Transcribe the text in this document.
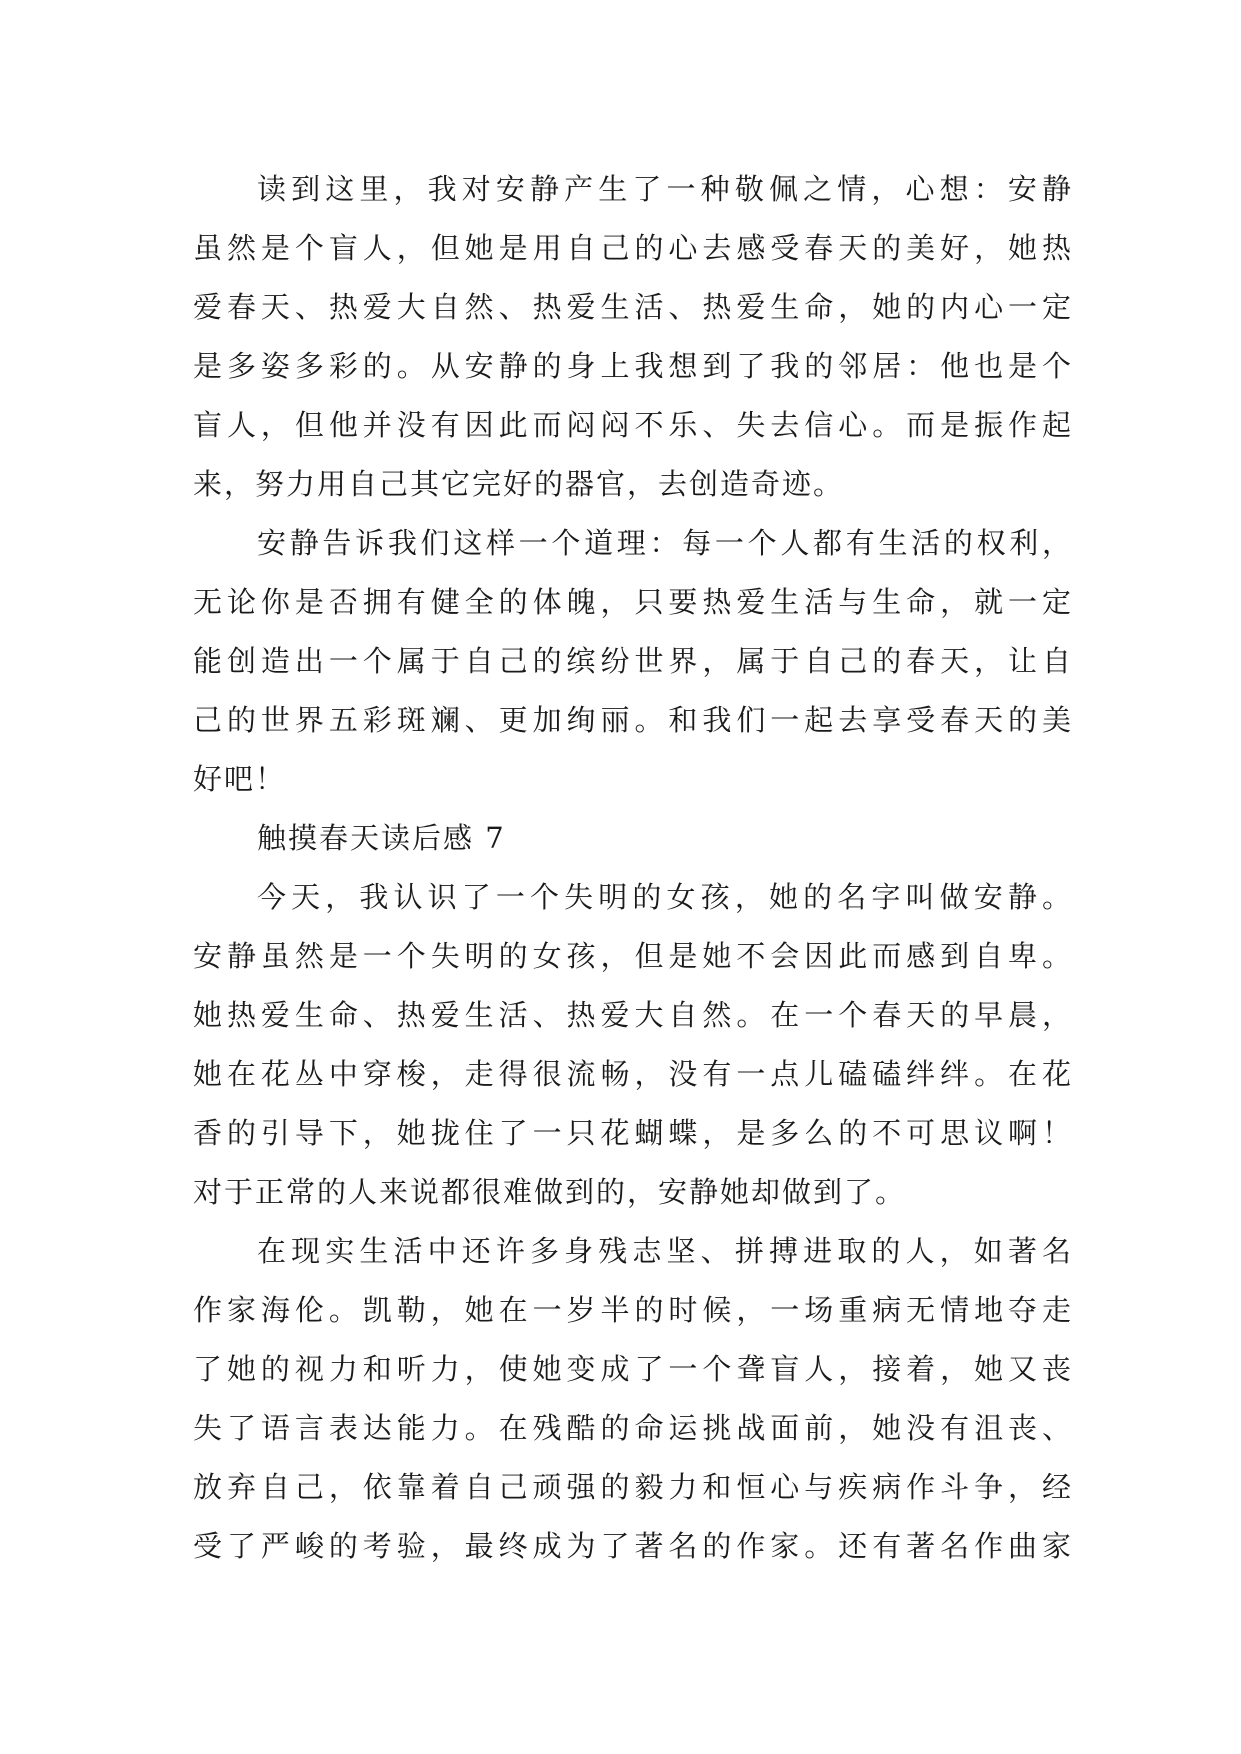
读到这里，我对安静产生了一种敬佩之情，心想：安静
虽然是个盲人，但她是用自己的心去感受春天的美好，她热
爱春天、热爱大自然、热爱生活、热爱生命，她的内心一定
是多姿多彩的。从安静的身上我想到了我的邻居：他也是个
盲人，但他并没有因此而闷闷不乐、失去信心。而是振作起
来，努力用自己其它完好的器官，去创造奇迹。
安静告诉我们这样一个道理：每一个人都有生活的权利，
无论你是否拥有健全的体魄，只要热爱生活与生命，就一定
能创造出一个属于自己的缤纷世界，属于自己的春天，让自
己的世界五彩斑斓、更加绚丽。和我们一起去享受春天的美
好吧！
触摸春天读后感 7
今天，我认识了一个失明的女孩，她的名字叫做安静。
安静虽然是一个失明的女孩，但是她不会因此而感到自卑。
她热爱生命、热爱生活、热爱大自然。在一个春天的早晨，
她在花丛中穿梭，走得很流畅，没有一点儿磕磕绊绊。在花
香的引导下，她拢住了一只花蝴蝶，是多么的不可思议啊！
对于正常的人来说都很难做到的，安静她却做到了。
在现实生活中还许多身残志坚、拼搏进取的人，如著名
作家海伦。凯勒，她在一岁半的时候，一场重病无情地夺走
了她的视力和听力，使她变成了一个聋盲人，接着，她又丧
失了语言表达能力。在残酷的命运挑战面前，她没有沮丧、
放弃自己，依靠着自己顽强的毅力和恒心与疾病作斗争，经
受了严峻的考验，最终成为了著名的作家。还有著名作曲家
